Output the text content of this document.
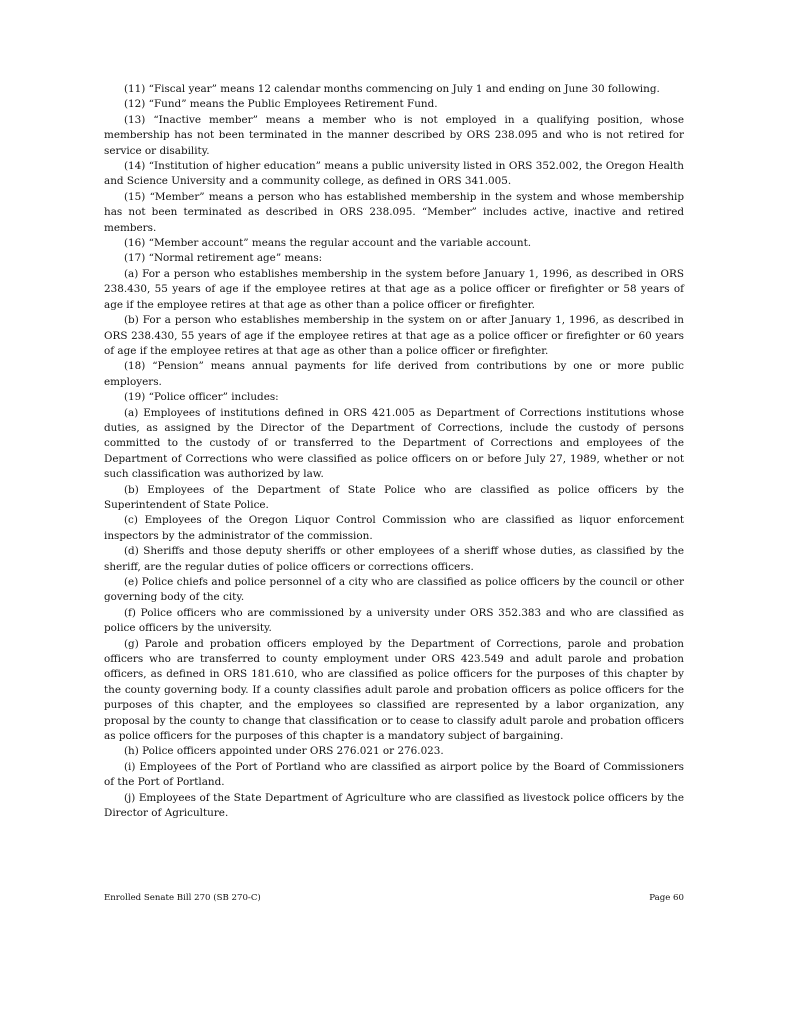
(11) “Fiscal year” means 12 calendar months commencing on July 1 and ending on June 30 following.

(12) “Fund” means the Public Employees Retirement Fund.

(13) “Inactive member” means a member who is not employed in a qualifying position, whose membership has not been terminated in the manner described by ORS 238.095 and who is not retired for service or disability.

(14) “Institution of higher education” means a public university listed in ORS 352.002, the Oregon Health and Science University and a community college, as defined in ORS 341.005.

(15) “Member” means a person who has established membership in the system and whose membership has not been terminated as described in ORS 238.095. “Member” includes active, inactive and retired members.

(16) “Member account” means the regular account and the variable account.

(17) “Normal retirement age” means:

(a) For a person who establishes membership in the system before January 1, 1996, as described in ORS 238.430, 55 years of age if the employee retires at that age as a police officer or firefighter or 58 years of age if the employee retires at that age as other than a police officer or firefighter.

(b) For a person who establishes membership in the system on or after January 1, 1996, as described in ORS 238.430, 55 years of age if the employee retires at that age as a police officer or firefighter or 60 years of age if the employee retires at that age as other than a police officer or firefighter.

(18) “Pension” means annual payments for life derived from contributions by one or more public employers.

(19) “Police officer” includes:

(a) Employees of institutions defined in ORS 421.005 as Department of Corrections institutions whose duties, as assigned by the Director of the Department of Corrections, include the custody of persons committed to the custody of or transferred to the Department of Corrections and employees of the Department of Corrections who were classified as police officers on or before July 27, 1989, whether or not such classification was authorized by law.

(b) Employees of the Department of State Police who are classified as police officers by the Superintendent of State Police.

(c) Employees of the Oregon Liquor Control Commission who are classified as liquor enforcement inspectors by the administrator of the commission.

(d) Sheriffs and those deputy sheriffs or other employees of a sheriff whose duties, as classified by the sheriff, are the regular duties of police officers or corrections officers.

(e) Police chiefs and police personnel of a city who are classified as police officers by the council or other governing body of the city.

(f) Police officers who are commissioned by a university under ORS 352.383 and who are classified as police officers by the university.

(g) Parole and probation officers employed by the Department of Corrections, parole and probation officers who are transferred to county employment under ORS 423.549 and adult parole and probation officers, as defined in ORS 181.610, who are classified as police officers for the purposes of this chapter by the county governing body. If a county classifies adult parole and probation officers as police officers for the purposes of this chapter, and the employees so classified are represented by a labor organization, any proposal by the county to change that classification or to cease to classify adult parole and probation officers as police officers for the purposes of this chapter is a mandatory subject of bargaining.

(h) Police officers appointed under ORS 276.021 or 276.023.

(i) Employees of the Port of Portland who are classified as airport police by the Board of Commissioners of the Port of Portland.

(j) Employees of the State Department of Agriculture who are classified as livestock police officers by the Director of Agriculture.

Enrolled Senate Bill 270 (SB 270-C)	Page 60
